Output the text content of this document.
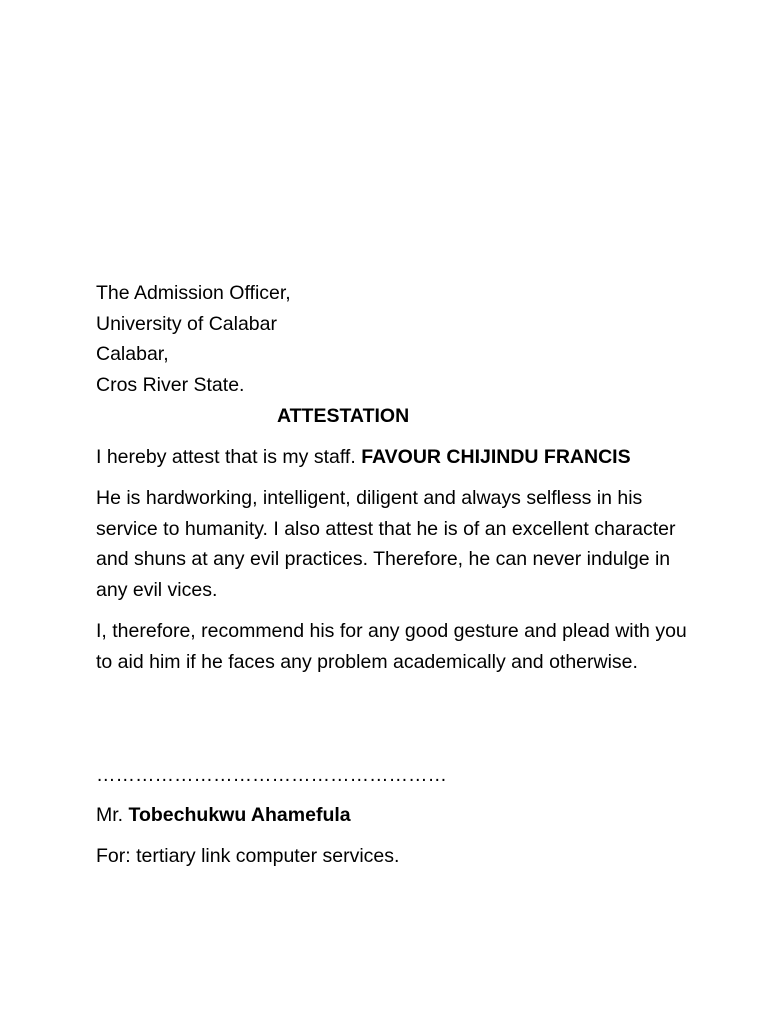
The Admission Officer,
University of Calabar
Calabar,
Cros River State.
ATTESTATION
I hereby attest that is my staff. FAVOUR CHIJINDU FRANCIS
He is hardworking, intelligent, diligent and always selfless in his service to humanity. I also attest that he is of an excellent character and shuns at any evil practices. Therefore, he can never indulge in any evil vices.
I, therefore, recommend his for any good gesture and plead with you to aid him if he faces any problem academically and otherwise.
………………………………………………
Mr. Tobechukwu Ahamefula
For: tertiary link computer services.
